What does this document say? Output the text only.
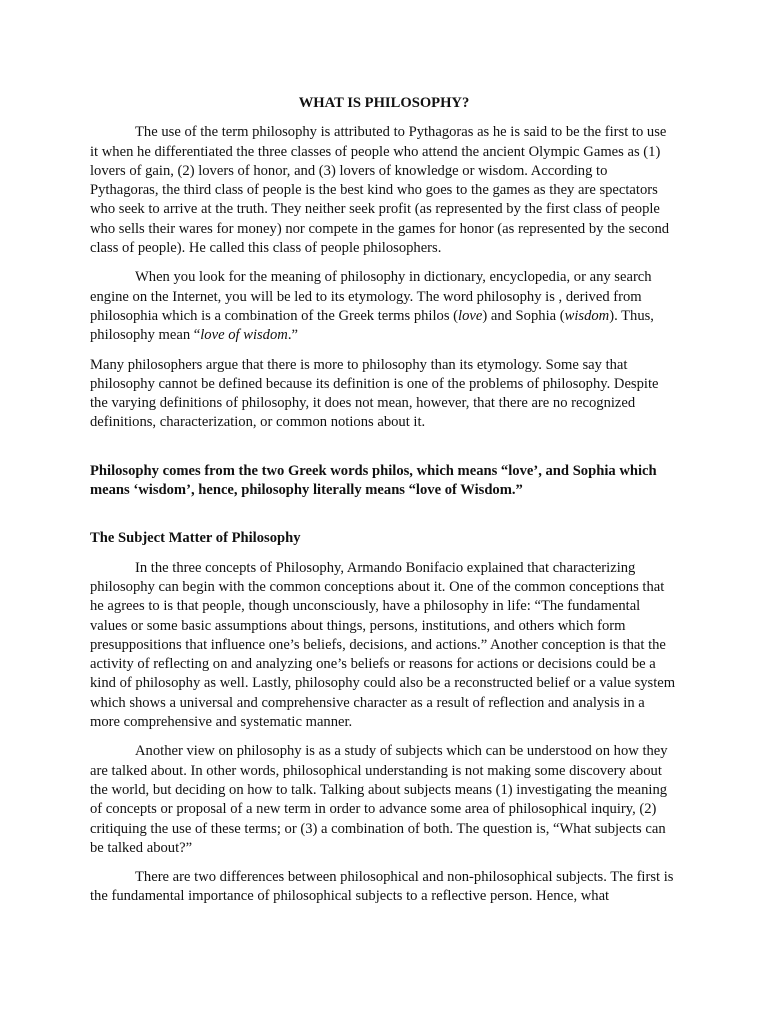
WHAT IS PHILOSOPHY?

The use of the term philosophy is attributed to Pythagoras as he is said to be the first to use it when he differentiated the three classes of people who attend the ancient Olympic Games as (1) lovers of gain, (2) lovers of honor, and (3) lovers of knowledge or wisdom. According to Pythagoras, the third class of people is the best kind who goes to the games as they are spectators who seek to arrive at the truth. They neither seek profit (as represented by the first class of people who sells their wares for money) nor compete in the games for honor (as represented by the second class of people). He called this class of people philosophers.

When you look for the meaning of philosophy in dictionary, encyclopedia, or any search engine on the Internet, you will be led to its etymology. The word philosophy is , derived from philosophia which is a combination of the Greek terms philos (love) and Sophia (wisdom). Thus, philosophy mean “love of wisdom.”

Many philosophers argue that there is more to philosophy than its etymology. Some say that philosophy cannot be defined because its definition is one of the problems of philosophy. Despite the varying definitions of philosophy, it does not mean, however, that there are no recognized definitions, characterization, or common notions about it.

Philosophy comes from the two Greek words philos, which means “love’, and Sophia which means ‘wisdom’, hence, philosophy literally means “love of Wisdom.”

The Subject Matter of Philosophy

In the three concepts of Philosophy, Armando Bonifacio explained that characterizing philosophy can begin with the common conceptions about it. One of the common conceptions that he agrees to is that people, though unconsciously, have a philosophy in life: “The fundamental values or some basic assumptions about things, persons, institutions, and others which form presuppositions that influence one’s beliefs, decisions, and actions.” Another conception is that the activity of reflecting on and analyzing one’s beliefs or reasons for actions or decisions could be a kind of philosophy as well. Lastly, philosophy could also be a reconstructed belief or a value system which shows a universal and comprehensive character as a result of reflection and analysis in a more comprehensive and systematic manner.

Another view on philosophy is as a study of subjects which can be understood on how they are talked about. In other words, philosophical understanding is not making some discovery about the world, but deciding on how to talk. Talking about subjects means (1) investigating the meaning of concepts or proposal of a new term in order to advance some area of philosophical inquiry, (2) critiquing the use of these terms; or (3) a combination of both. The question is, “What subjects can be talked about?”

There are two differences between philosophical and non-philosophical subjects. The first is the fundamental importance of philosophical subjects to a reflective person. Hence, what
